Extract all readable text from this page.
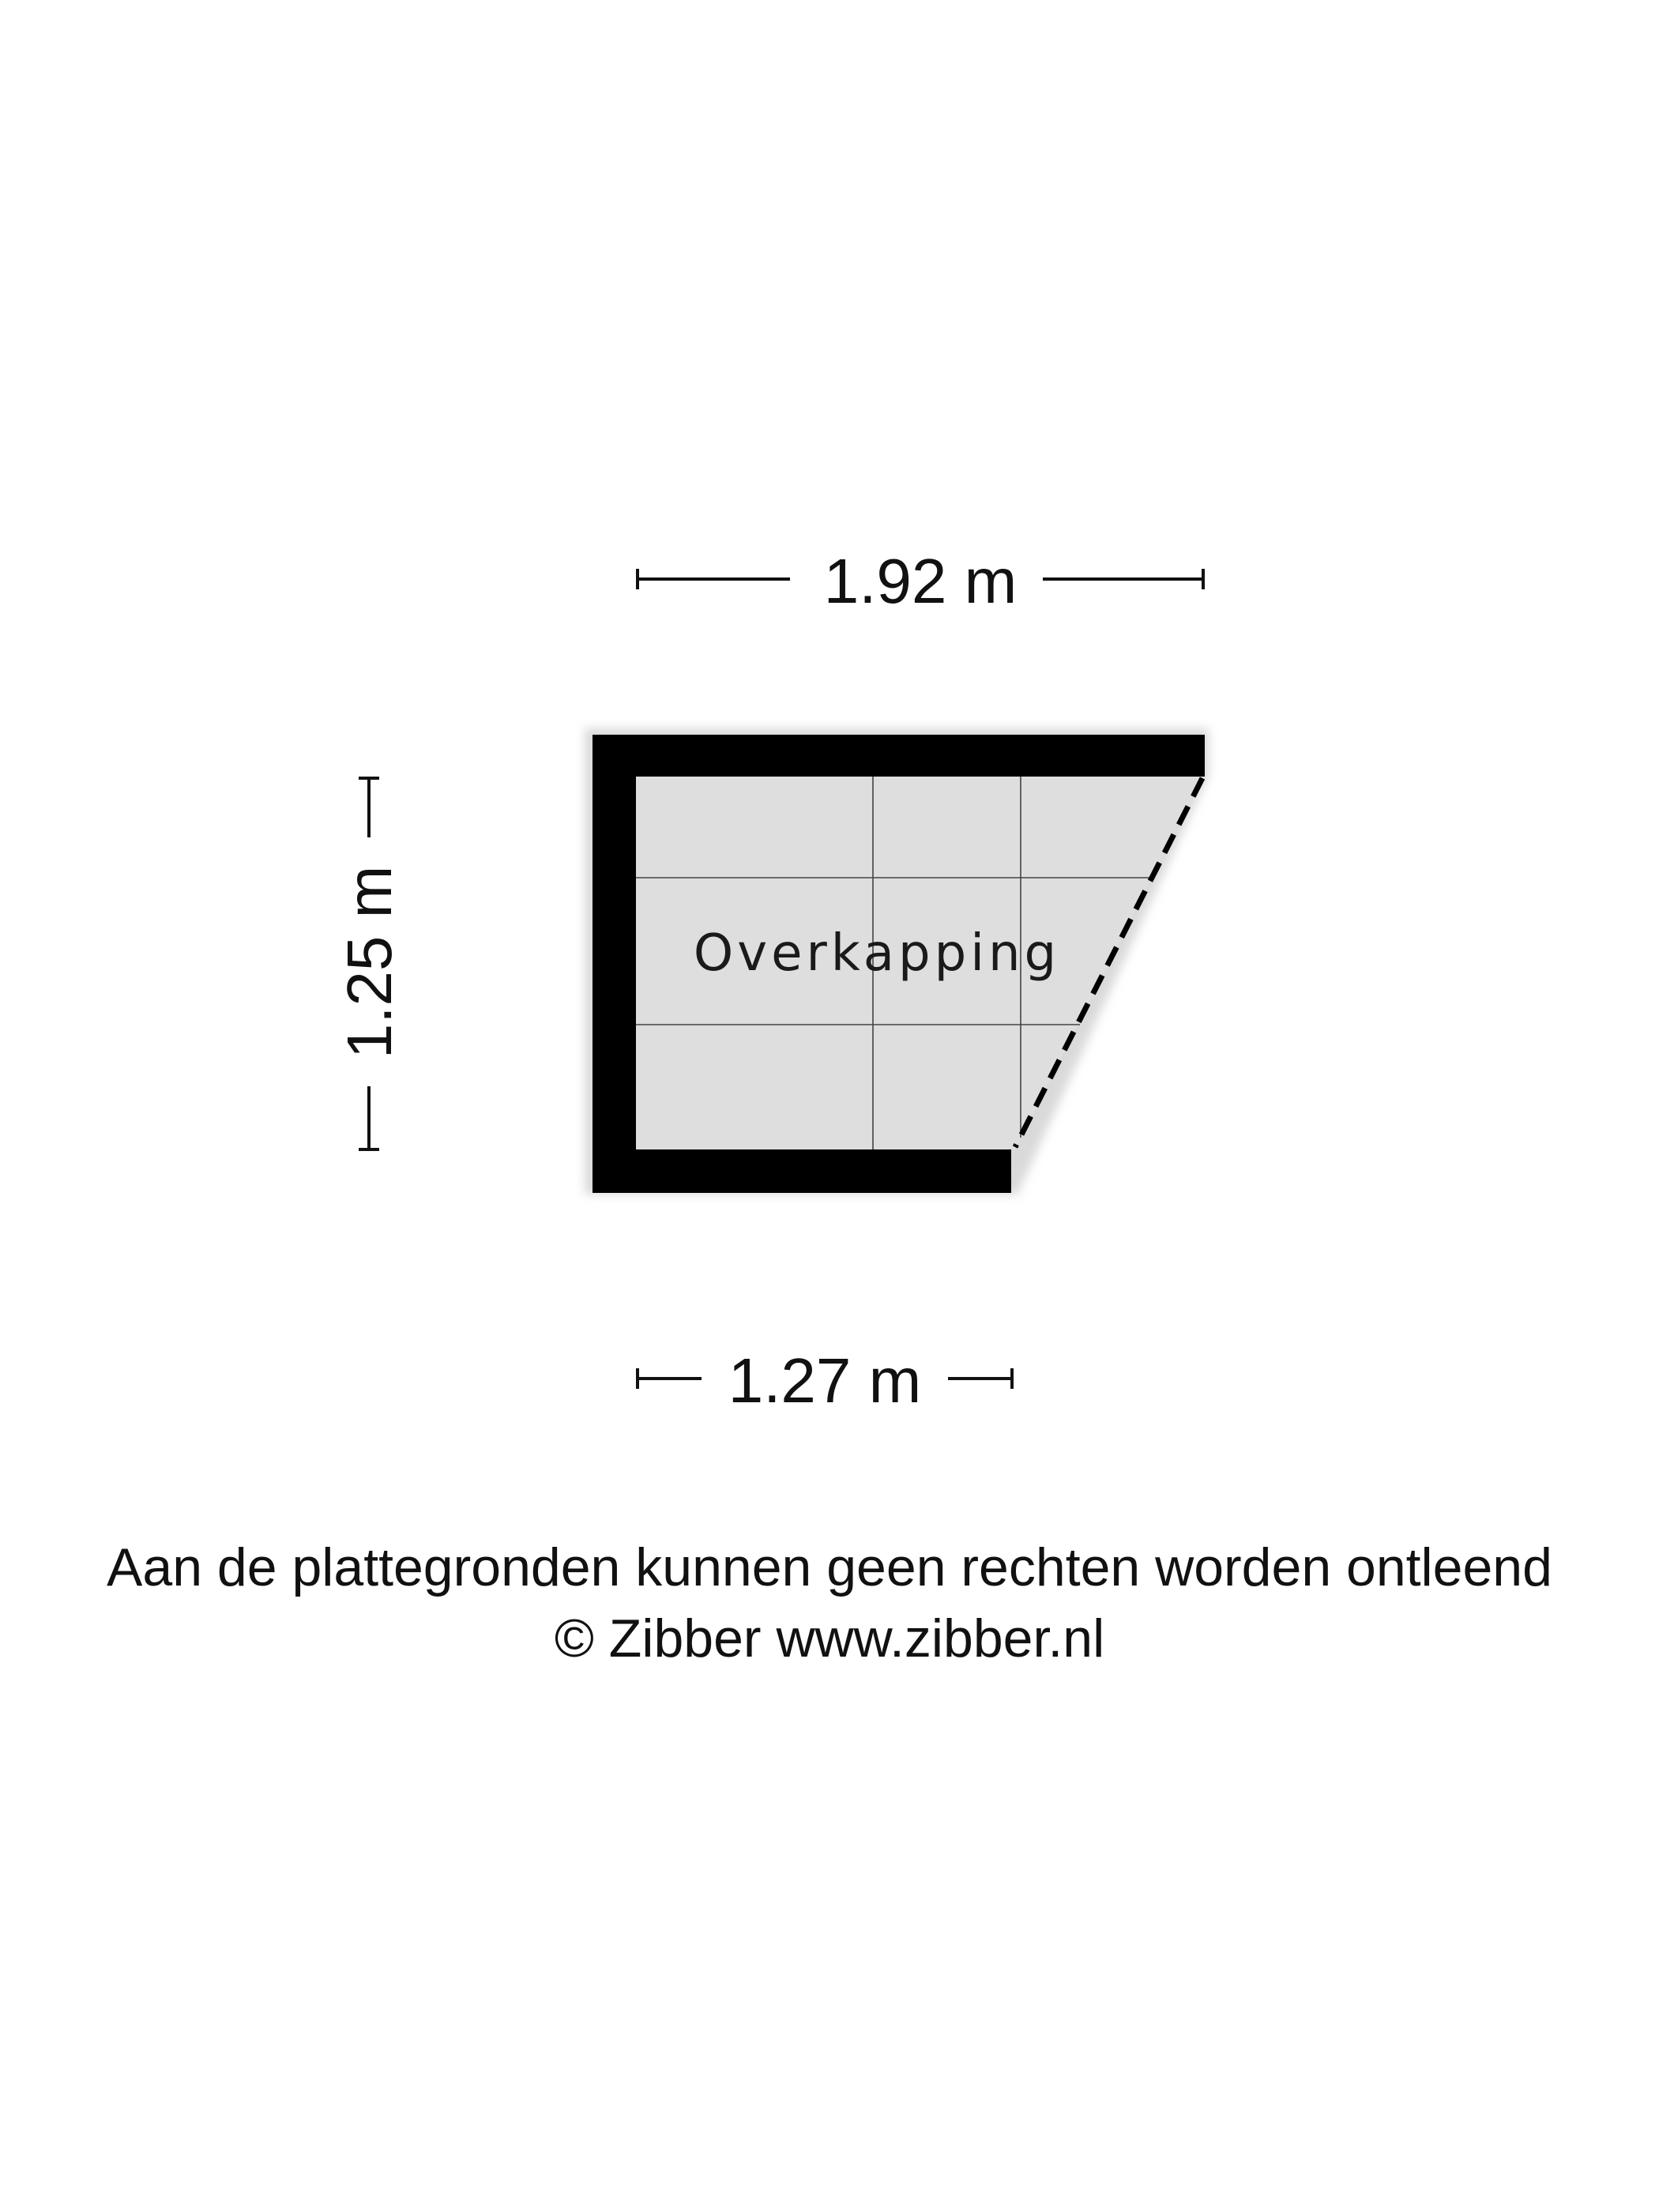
1.92 m
1.25 m	Overkapping
1.27 m
Aan de plattegronden kunnen geen rechten worden ontleend
© Zibber www.zibber.nl
